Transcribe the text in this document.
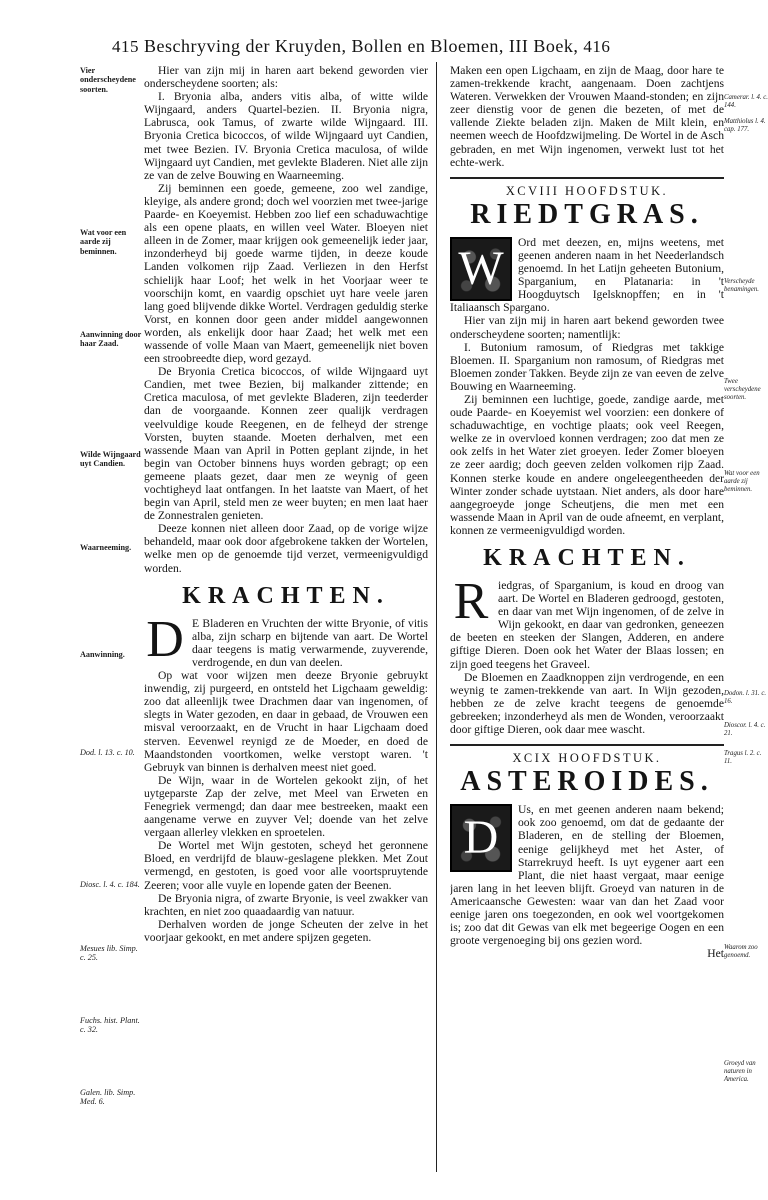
415 Beschryving der Kruyden, Bollen en Bloemen, III Boek, 416

Hier van zijn mij in haren aart bekend geworden vier onderscheydene soorten; als:

I. Bryonia alba, anders vitis alba, of witte wilde Wijngaard, anders Quartel-bezien. II. Bryonia nigra, Labrusca, ook Tamus, of zwarte wilde Wijngaard. III. Bryonia Cretica bicoccos, of wilde Wijngaard uyt Candien, met twee Bezien. IV. Bryonia Cretica maculosa, of wilde Wijngaard uyt Candien, met gevlekte Bladeren. Niet alle zijn ze van de zelve Bouwing en Waarneeming.

Zij beminnen een goede, gemeene, zoo wel zandige, kleyige, als andere grond; doch wel voorzien met twee-jarige Paarde- en Koeyemist. Hebben zoo lief een schaduwachtige als een opene plaats, en willen veel Water. Bloeyen niet alleen in de Zomer, maar krijgen ook gemeenelijk ieder jaar, inzonderheyd bij goede warme tijden, in deeze koude Landen volkomen rijp Zaad. Verliezen in den Herfst schielijk haar Loof; het welk in het Voorjaar weer te voorschijn komt, en vaardig opschiet uyt hare veele jaren lang goed blijvende dikke Wortel. Verdragen geduldig sterke Vorst, en konnen door geen ander middel aangewonnen worden, als enkelijk door haar Zaad; het welk met een wassende of volle Maan van Maert, gemeenelijk niet boven een stroobreedte diep, word gezayd.

De Bryonia Cretica bicoccos, of wilde Wijngaard uyt Candien, met twee Bezien, bij malkander zittende; en Cretica maculosa, of met gevlekte Bladeren, zijn teederder dan de voorgaande. Konnen zeer qualijk verdragen veelvuldige koude Reegenen, en de felheyd der strenge Vorsten, buyten staande. Moeten derhalven, met een wassende Maan van April in Potten geplant zijnde, in het begin van October binnens huys worden gebragt; op een gemeene plaats gezet, daar men ze weynig of geen vochtigheyd laat ontfangen. In het laatste van Maert, of het begin van April, steld men ze weer buyten; en men laat haer de Zonnestralen genieten.

Deeze konnen niet alleen door Zaad, op de vorige wijze behandeld, maar ook door afgebrokene takken der Wortelen, welke men op de genoemde tijd verzet, vermeenigvuldigd worden.

KRACHTEN.
D E Bladeren en Vruchten der witte Bryonie, of vitis alba, zijn scharp en bijtende van aart. De Wortel daar teegens is matig verwarmende, zuyverende, verdrogende, en dun van deelen.

Op wat voor wijzen men deeze Bryonie gebruykt inwendig, zij purgeerd, en ontsteld het Ligchaam geweldig: zoo dat alleenlijk twee Drachmen daar van ingenomen, of slegts in Water gezoden, en daar in gebaad, de Vrouwen een misval veroorzaakt, en de Vrucht in haar Ligchaam doed sterven. Eevenwel reynigd ze de Moeder, en doed de Maandstonden voortkomen, welke verstopt waren. 't Gebruyk van binnen is derhalven meest niet goed.

De Wijn, waar in de Wortelen gekookt zijn, of het uytgeparste Zap der zelve, met Meel van Erweten en Fenegriek vermengd; dan daar mee bestreeken, maakt een aangename verwe en zuyver Vel; doende van het zelve vergaan allerley vlekken en sproetelen.

De Wortel met Wijn gestoten, scheyd het geronnene Bloed, en verdrijfd de blauw-geslagene plekken. Met Zout vermengd, en gestoten, is goed voor alle voortspruytende Zeeren; voor alle vuyle en lopende gaten der Beenen.

De Bryonia nigra, of zwarte Bryonie, is veel zwakker van krachten, en niet zoo quaadaardig van natuur.

Derhalven worden de jonge Scheuten der zelve in het voorjaar gekookt, en met andere spijzen gegeten.

Vier onderscheydene soorten.
Wat voor een aarde zij beminnen.
Aanwinning door haar Zaad.
Wilde Wijngaard uyt Candien.
Waarneeming.
Aanwinning.
Dod. l. 13. c. 10.
Diosc. l. 4. c. 184.
Mesues lib. Simp. c. 25.
Fuchs. hist. Plant. c. 32.
Galen. lib. Simp. Med. 6.

Maken een open Ligchaam, en zijn de Maag, door hare te zamen-trekkende kracht, aangenaam. Doen zachtjens Wateren. Verwekken der Vrouwen Maand-stonden; en zijn zeer dienstig voor de genen die bezeten, of met de vallende Ziekte beladen zijn. Maken de Milt klein, en neemen weech de Hoofdzwijmeling. De Wortel in de Asch gebraden, en met Wijn ingenomen, verwekt lust tot het echte-werk.

XCVIII HOOFDSTUK.
RIEDTGRAS.
W	Ord met deezen, en, mijns weetens, met geenen anderen naam in het Neederlandsch genoemd. In het Latijn geheeten Butonium, Sparganium, en Platanaria: in 't Hoogduytsch Igelsknopffen; en in 't Italiaansch Spargano.

Hier van zijn mij in haren aart bekend geworden twee onderscheydene soorten; namentlijk:

I. Butonium ramosum, of Riedgras met takkige Bloemen. II. Sparganium non ramosum, of Riedgras met Bloemen zonder Takken. Beyde zijn ze van eeven de zelve Bouwing en Waarneeming.

Zij beminnen een luchtige, goede, zandige aarde, met oude Paarde- en Koeyemist wel voorzien: een donkere of schaduwachtige, en vochtige plaats; ook veel Reegen, welke ze in overvloed konnen verdragen; zoo dat men ze ook zelfs in het Water ziet groeyen. Ieder Zomer bloeyen ze zeer aardig; doch geeven zelden volkomen rijp Zaad. Konnen sterke koude en andere ongeleegentheeden der Winter zonder schade uytstaan. Niet anders, als door hare aangegroeyde jonge Scheutjens, die men met een wassende Maan in April van de oude afneemt, en verplant, konnen ze vermeenigvuldigd worden.

KRACHTEN.
R iedgras, of Sparganium, is koud en droog van aart. De Wortel en Bladeren gedroogd, gestoten, en daar van met Wijn ingenomen, of de zelve in Wijn gekookt, en daar van gedronken, geneezen de beeten en steeken der Slangen, Adderen, en andere giftige Dieren. Doen ook het Water der Blaas lossen; en zijn goed teegens het Gravеel.

De Bloemen en Zaadknoppen zijn verdrogende, en een weynig te zamen-trekkende van aart. In Wijn gezoden, hebben ze de zelve kracht teegens de genoemde gebreeken; inzonderheyd als men de Wonden, veroorzaakt door giftige Dieren, ook daar mee wascht.

XCIX HOOFDSTUK.
ASTEROIDES.
D

Us, en met geenen anderen naam bekend; ook zoo genoemd, om dat de gedaante der Bladeren, en de stelling der Bloemen, eenige gelijkheyd met het Aster, of Starrekruyd heeft. Is uyt eygener aart een Plant, die niet haast vergaat, maar eenige jaren lang in het leeven blijft. Groeyd van naturen in de Americaansche Gewesten: waar van dan het Zaad voor eenige jaren ons toegezonden, en ook wel voortgekomen is; zoo dat dit Gewas van elk met begeerige Oogen en een groote vergenoeging bij ons gezien word.

Het

Camerar. l. 4. c. 144.
Matthiolus l. 4. cap. 177.
Verscheyde benamingen.
Twee verscheydene soorten.
Wat voor een aarde zij beminnen.
Dodon. l. 31. c. 16.
Dioscor. l. 4. c. 21.
Tragus l. 2. c. 11.
Waarom zoo genoemd.
Groeyd van naturen in America.
